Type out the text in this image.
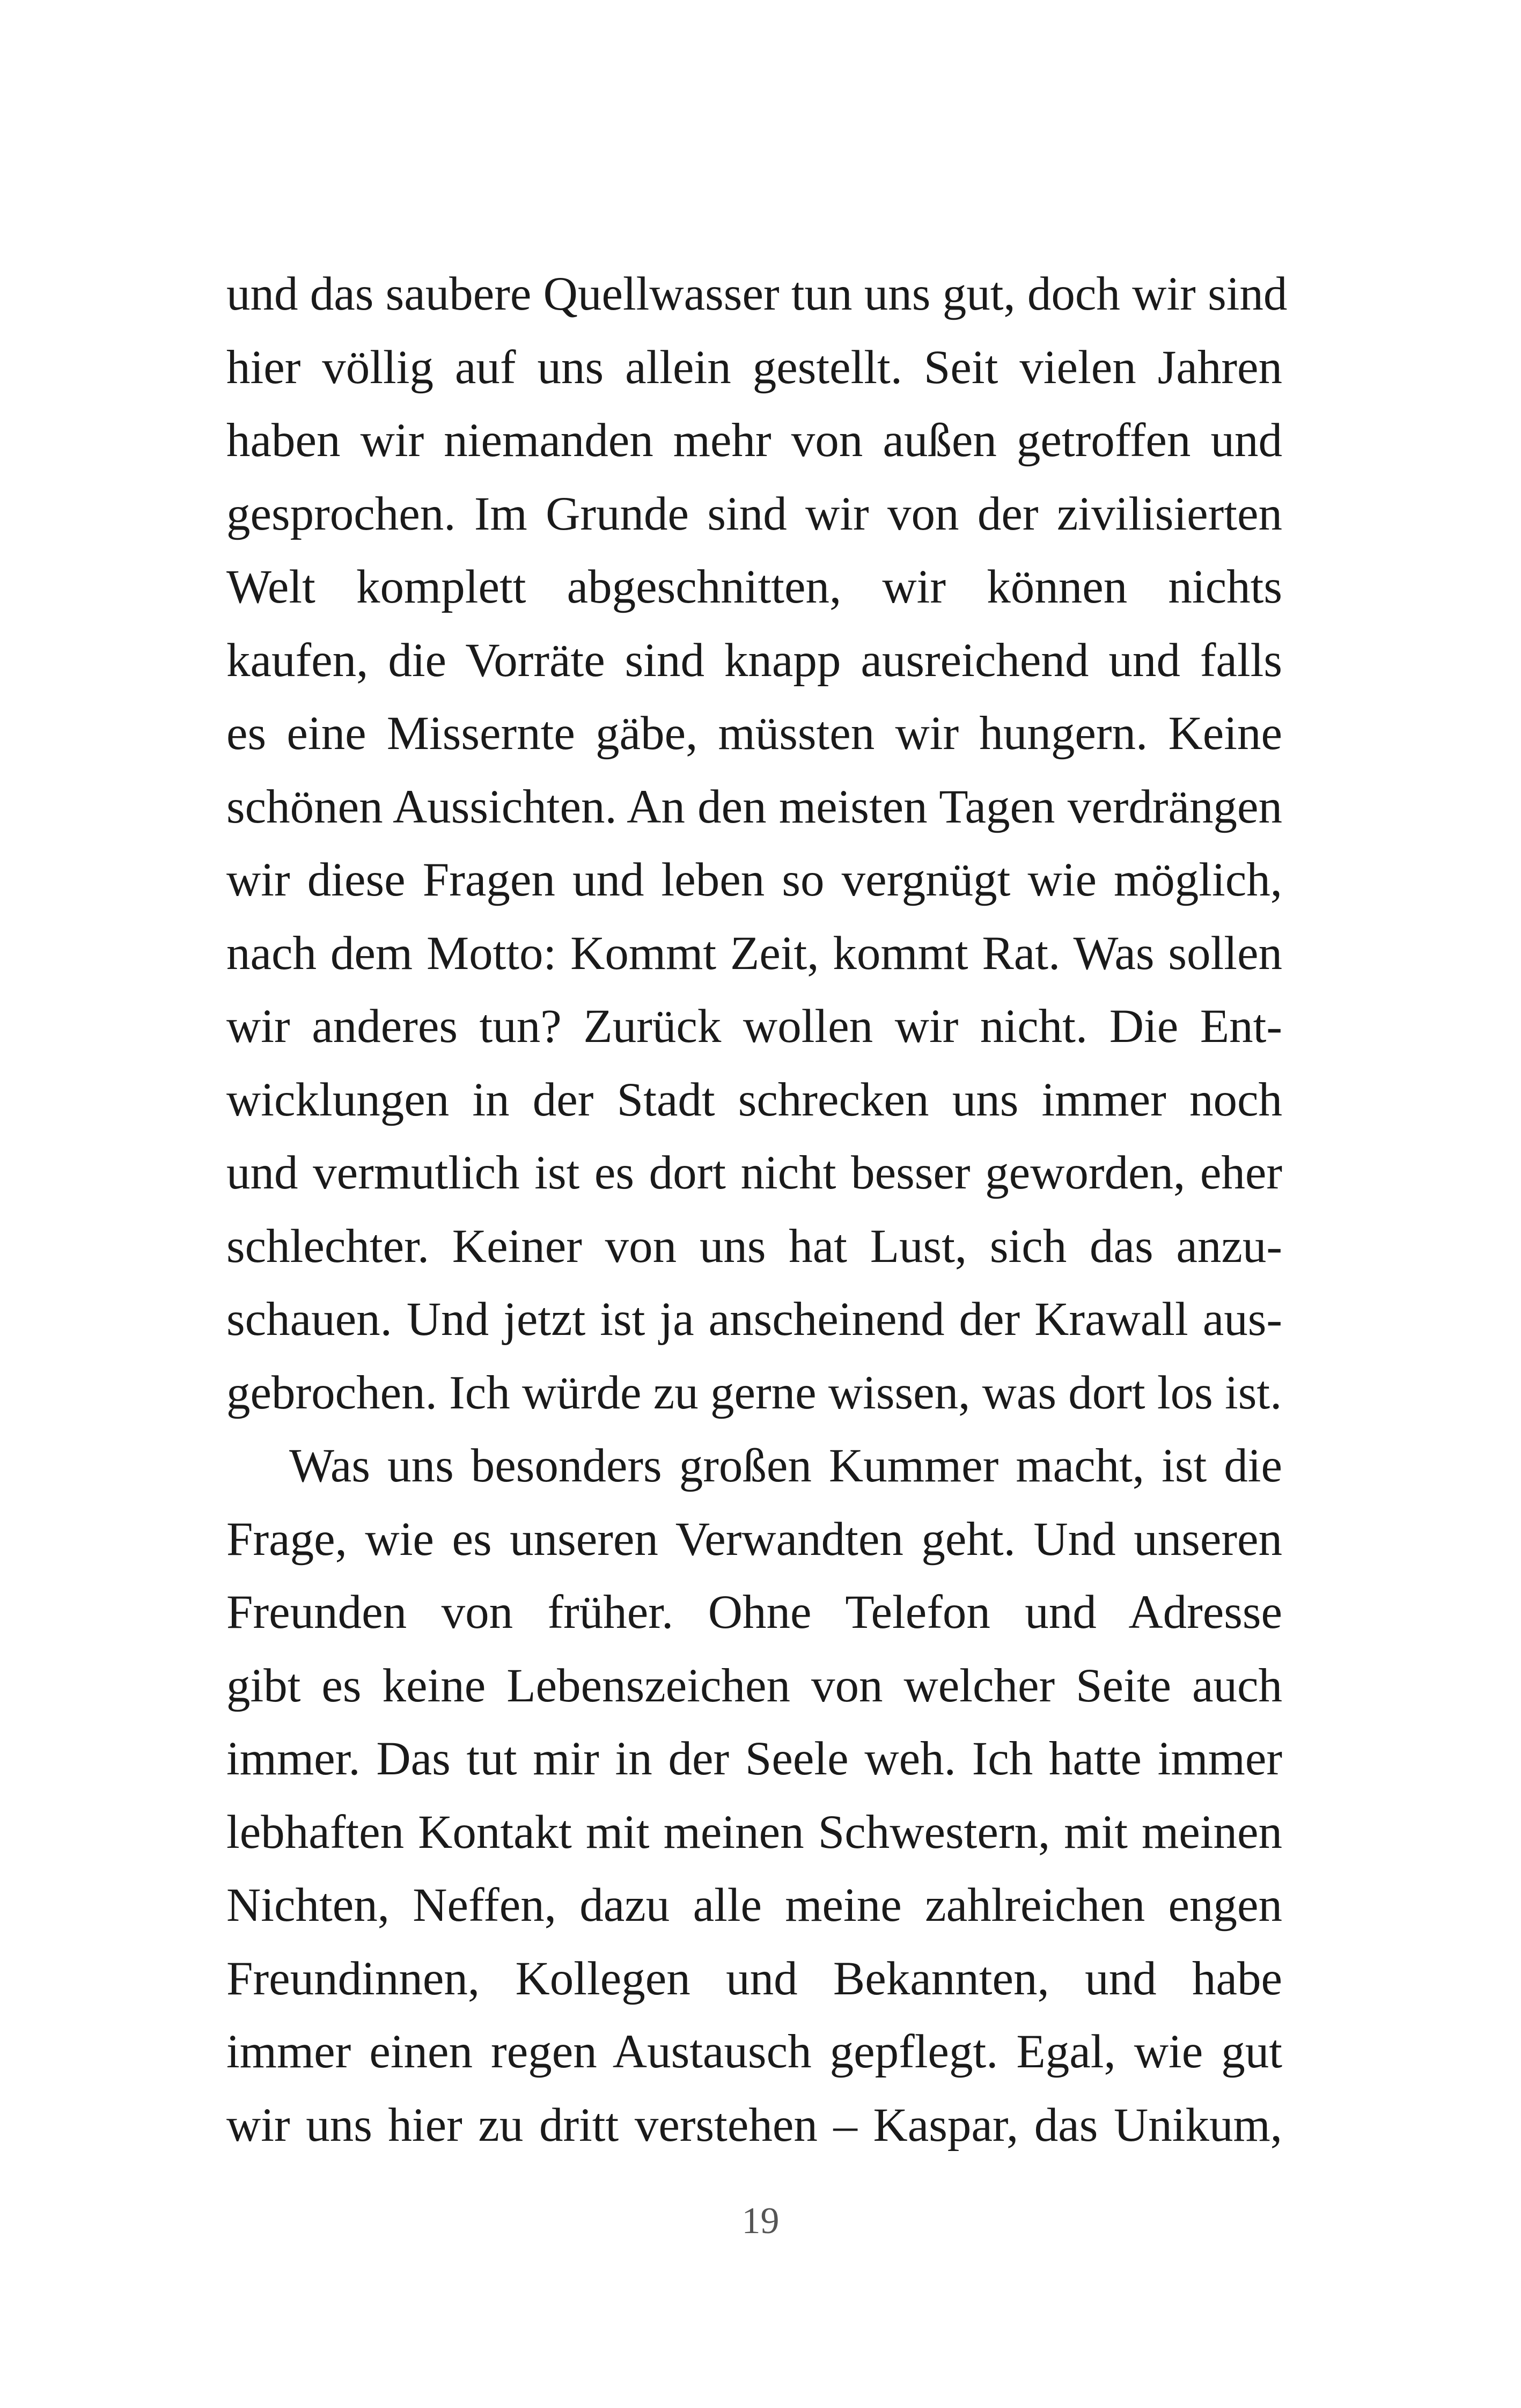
und das saubere Quellwasser tun uns gut, doch wir sind
hier völlig auf uns allein gestellt. Seit vielen Jahren
haben wir niemanden mehr von außen getroffen und
gesprochen. Im Grunde sind wir von der zivilisierten
Welt komplett abgeschnitten, wir können nichts
kaufen, die Vorräte sind knapp ausreichend und falls
es eine Missernte gäbe, müssten wir hungern. Keine
schönen Aussichten. An den meisten Tagen verdrängen
wir diese Fragen und leben so vergnügt wie möglich,
nach dem Motto: Kommt Zeit, kommt Rat. Was sollen
wir anderes tun? Zurück wollen wir nicht. Die Ent-
wicklungen in der Stadt schrecken uns immer noch
und vermutlich ist es dort nicht besser geworden, eher
schlechter. Keiner von uns hat Lust, sich das anzu-
schauen. Und jetzt ist ja anscheinend der Krawall aus-
gebrochen. Ich würde zu gerne wissen, was dort los ist.
Was uns besonders großen Kummer macht, ist die
Frage, wie es unseren Verwandten geht. Und unseren
Freunden von früher. Ohne Telefon und Adresse
gibt es keine Lebenszeichen von welcher Seite auch
immer. Das tut mir in der Seele weh. Ich hatte immer
lebhaften Kontakt mit meinen Schwestern, mit meinen
Nichten, Neffen, dazu alle meine zahlreichen engen
Freundinnen, Kollegen und Bekannten, und habe
immer einen regen Austausch gepflegt. Egal, wie gut
wir uns hier zu dritt verstehen – Kaspar, das Unikum,
19
